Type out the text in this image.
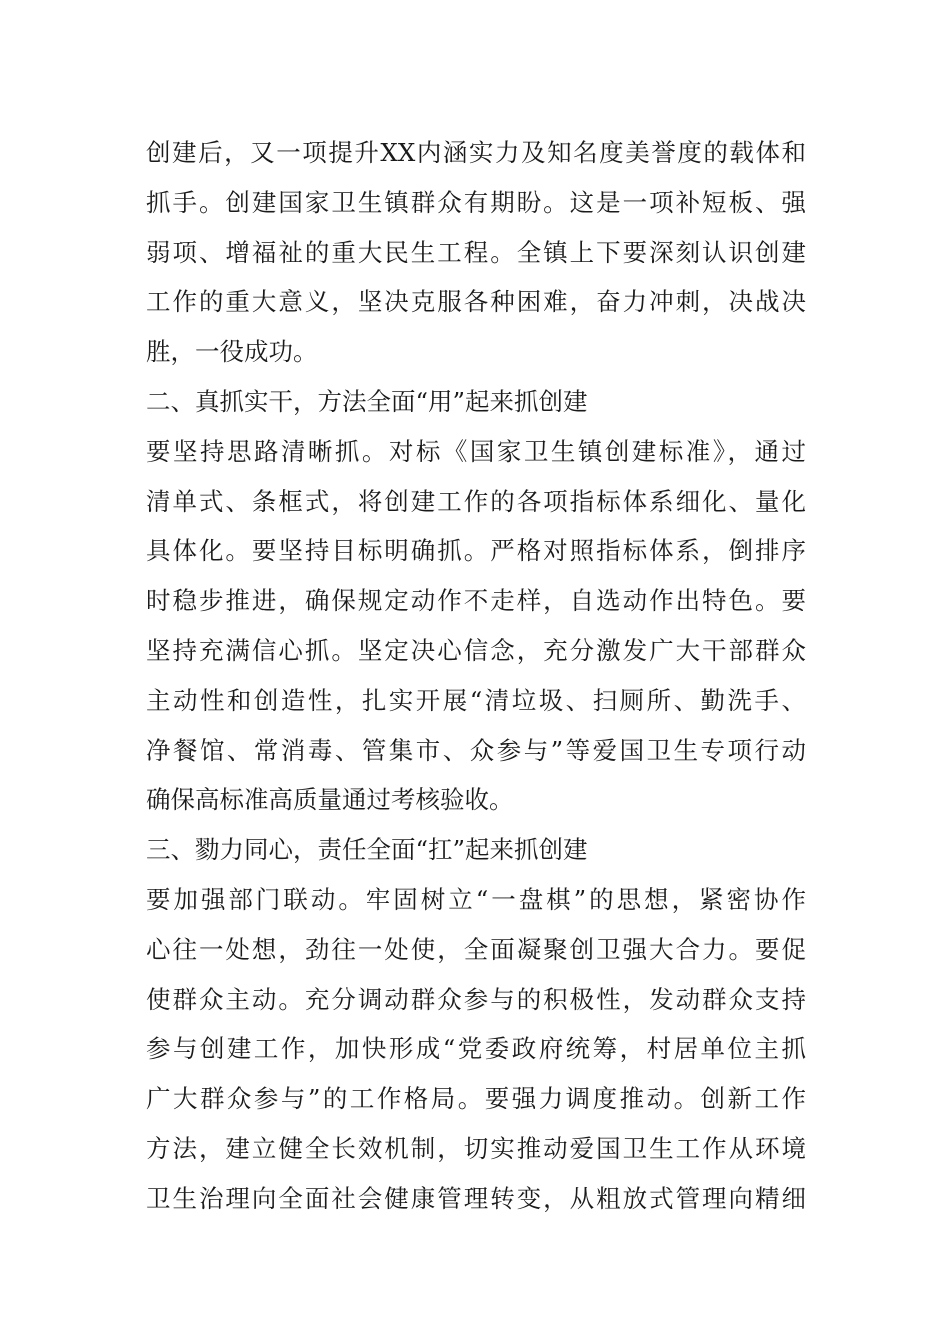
创建后，又一项提升XX内涵实力及知名度美誉度的载体和
抓手。创建国家卫生镇群众有期盼。这是一项补短板、强
弱项、增福祉的重大民生工程。全镇上下要深刻认识创建
工作的重大意义，坚决克服各种困难，奋力冲刺，决战决
胜，一役成功。
二、真抓实干，方法全面“用”起来抓创建
要坚持思路清晰抓。对标《国家卫生镇创建标准》，通过
清单式、条框式，将创建工作的各项指标体系细化、量化
具体化。要坚持目标明确抓。严格对照指标体系，倒排序
时稳步推进，确保规定动作不走样，自选动作出特色。要
坚持充满信心抓。坚定决心信念，充分激发广大干部群众
主动性和创造性，扎实开展“清垃圾、扫厕所、勤洗手、
净餐馆、常消毒、管集市、众参与”等爱国卫生专项行动
确保高标准高质量通过考核验收。
三、勠力同心，责任全面“扛”起来抓创建
要加强部门联动。牢固树立“一盘棋”的思想，紧密协作
心往一处想，劲往一处使，全面凝聚创卫强大合力。要促
使群众主动。充分调动群众参与的积极性，发动群众支持
参与创建工作，加快形成“党委政府统筹，村居单位主抓
广大群众参与”的工作格局。要强力调度推动。创新工作
方法，建立健全长效机制，切实推动爱国卫生工作从环境
卫生治理向全面社会健康管理转变，从粗放式管理向精细
